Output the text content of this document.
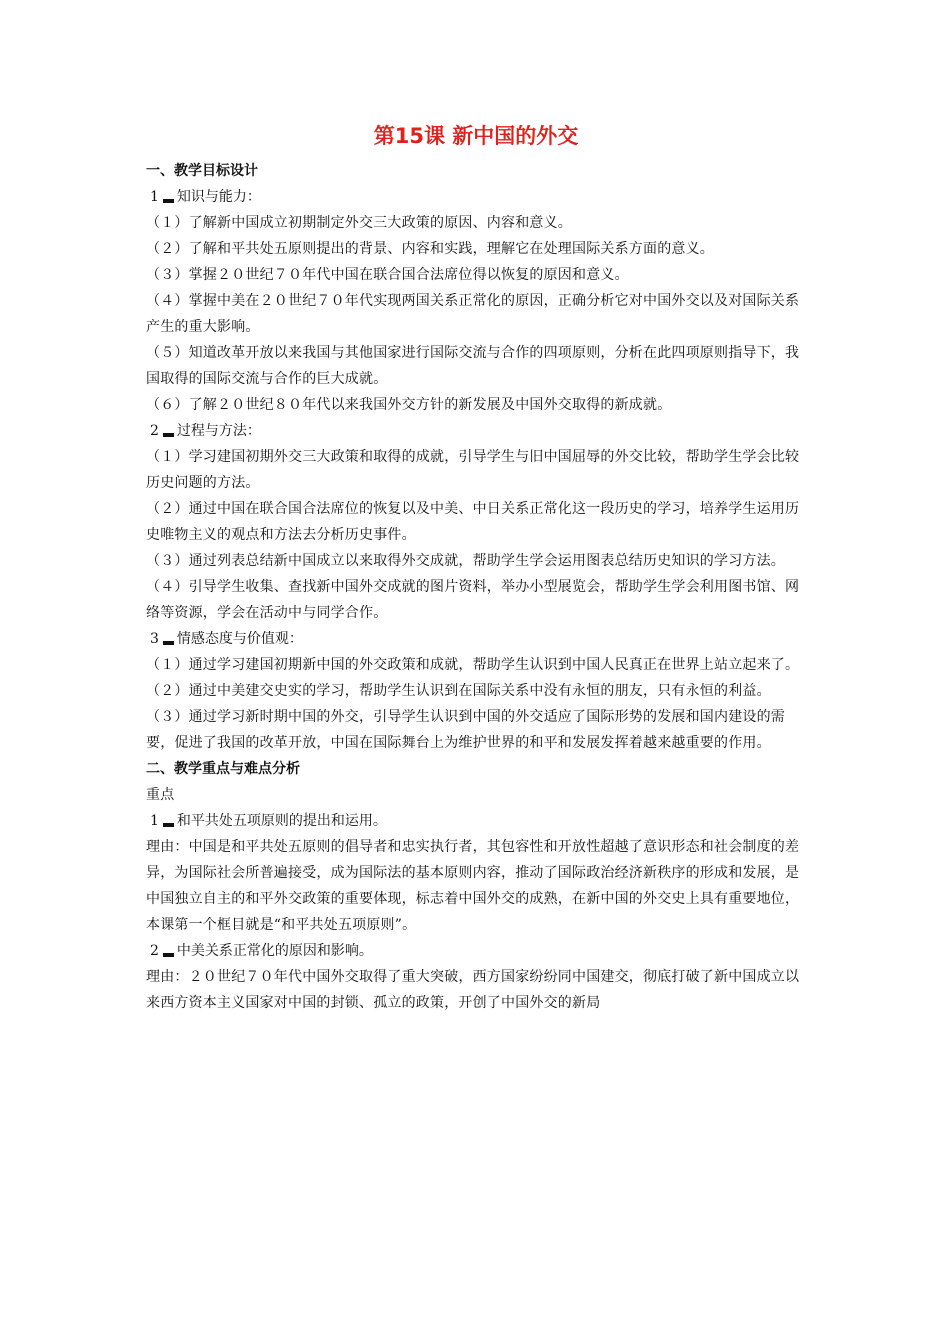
第15课 新中国的外交
一、教学目标设计
1 知识与能力：
（１）了解新中国成立初期制定外交三大政策的原因、内容和意义。
（２）了解和平共处五原则提出的背景、内容和实践，理解它在处理国际关系方面的意义。
（３）掌握２０世纪７０年代中国在联合国合法席位得以恢复的原因和意义。
（４）掌握中美在２０世纪７０年代实现两国关系正常化的原因，正确分析它对中国外交以及对国际关系产生的重大影响。
（５）知道改革开放以来我国与其他国家进行国际交流与合作的四项原则，分析在此四项原则指导下，我国取得的国际交流与合作的巨大成就。
（６）了解２０世纪８０年代以来我国外交方针的新发展及中国外交取得的新成就。
2 过程与方法：
（１）学习建国初期外交三大政策和取得的成就，引导学生与旧中国屈辱的外交比较，帮助学生学会比较历史问题的方法。
（２）通过中国在联合国合法席位的恢复以及中美、中日关系正常化这一段历史的学习，培养学生运用历史唯物主义的观点和方法去分析历史事件。
（３）通过列表总结新中国成立以来取得外交成就，帮助学生学会运用图表总结历史知识的学习方法。
（４）引导学生收集、查找新中国外交成就的图片资料，举办小型展览会，帮助学生学会利用图书馆、网络等资源，学会在活动中与同学合作。
3 情感态度与价值观：
（１）通过学习建国初期新中国的外交政策和成就，帮助学生认识到中国人民真正在世界上站立起来了。
（２）通过中美建交史实的学习，帮助学生认识到在国际关系中没有永恒的朋友，只有永恒的利益。
（３）通过学习新时期中国的外交，引导学生认识到中国的外交适应了国际形势的发展和国内建设的需要，促进了我国的改革开放，中国在国际舞台上为维护世界的和平和发展发挥着越来越重要的作用。
二、教学重点与难点分析
重点
1 和平共处五项原则的提出和运用。
理由：中国是和平共处五原则的倡导者和忠实执行者，其包容性和开放性超越了意识形态和社会制度的差异，为国际社会所普遍接受，成为国际法的基本原则内容，推动了国际政治经济新秩序的形成和发展，是中国独立自主的和平外交政策的重要体现，标志着中国外交的成熟，在新中国的外交史上具有重要地位，本课第一个框目就是“和平共处五项原则”。
2 中美关系正常化的原因和影响。
理由：２０世纪７０年代中国外交取得了重大突破，西方国家纷纷同中国建交，彻底打破了新中国成立以来西方资本主义国家对中国的封锁、孤立的政策，开创了中国外交的新局
